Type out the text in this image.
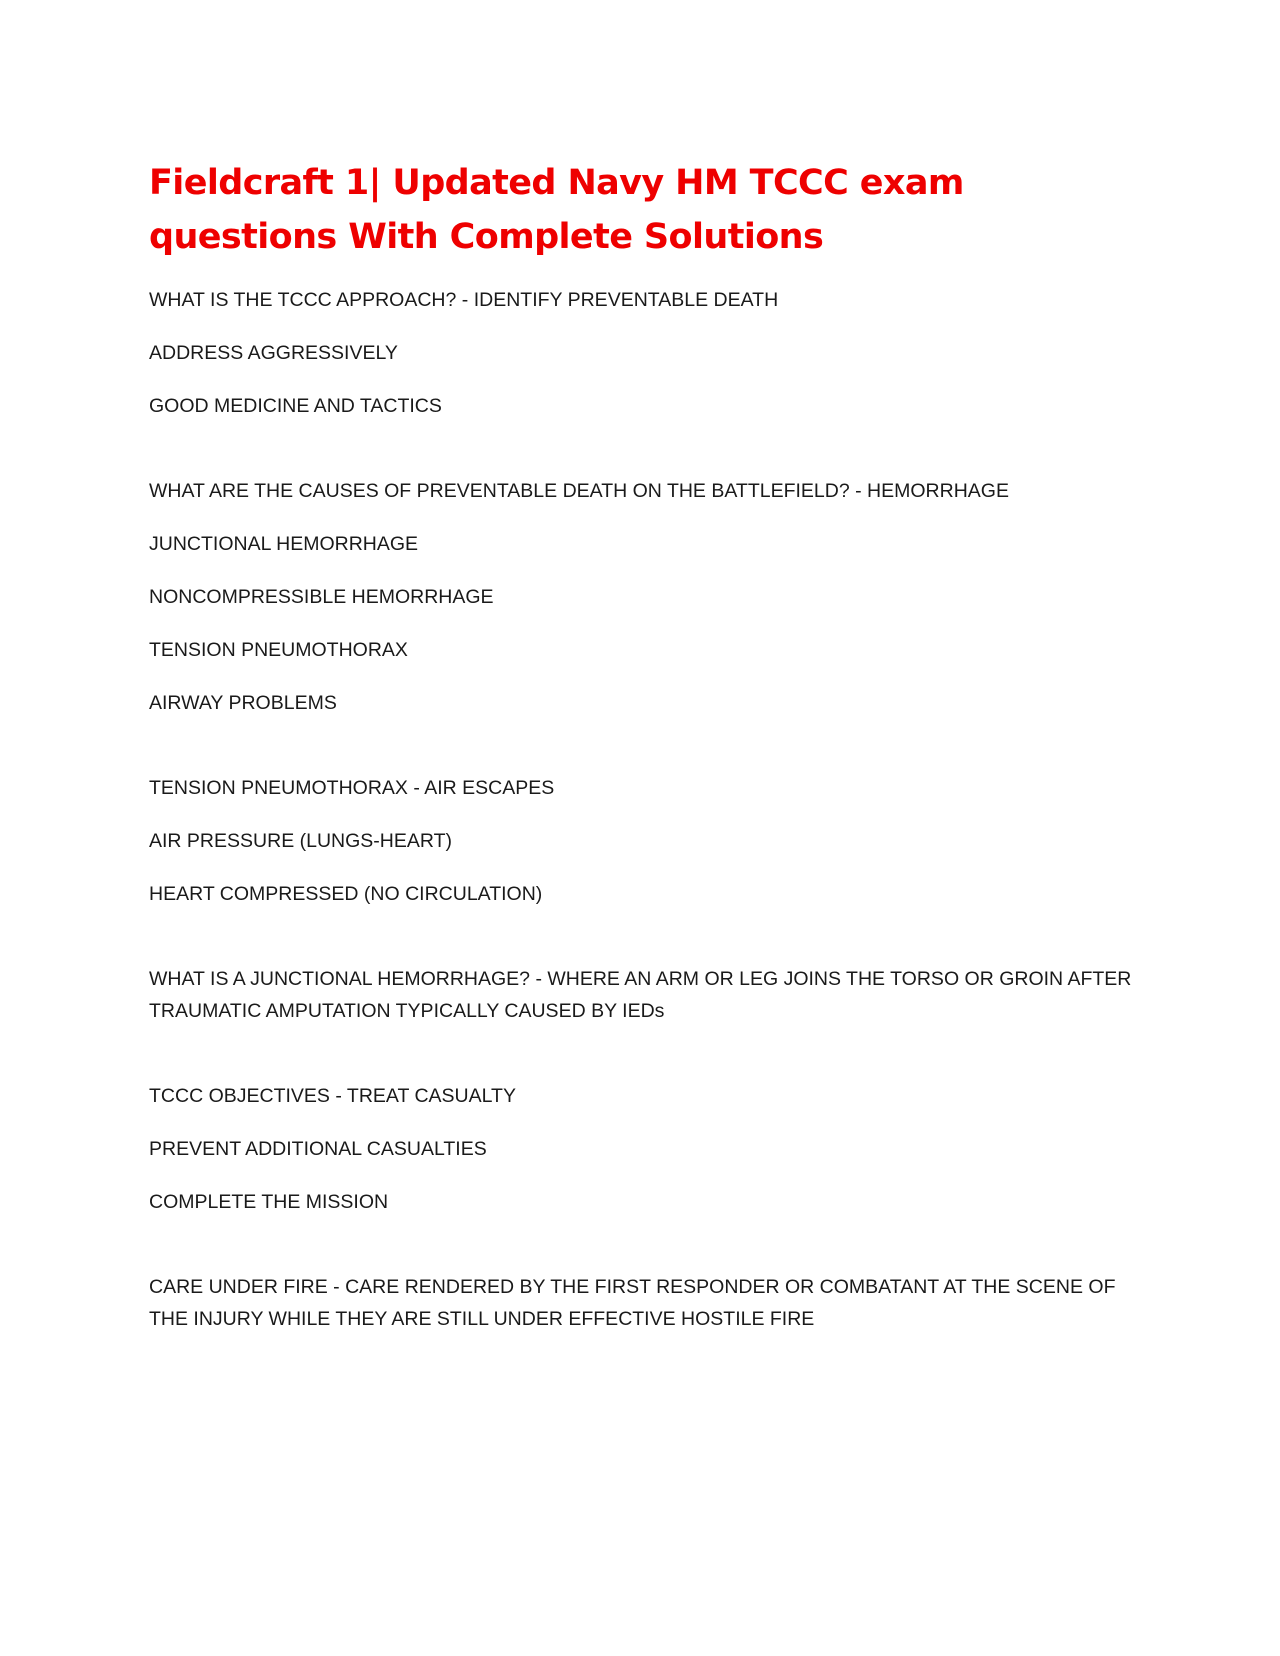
Fieldcraft 1| Updated Navy HM TCCC exam questions With Complete Solutions

WHAT IS THE TCCC APPROACH? - IDENTIFY PREVENTABLE DEATH

ADDRESS AGGRESSIVELY

GOOD MEDICINE AND TACTICS

WHAT ARE THE CAUSES OF PREVENTABLE DEATH ON THE BATTLEFIELD? - HEMORRHAGE

JUNCTIONAL HEMORRHAGE

NONCOMPRESSIBLE HEMORRHAGE

TENSION PNEUMOTHORAX

AIRWAY PROBLEMS

TENSION PNEUMOTHORAX - AIR ESCAPES

AIR PRESSURE (LUNGS-HEART)

HEART COMPRESSED (NO CIRCULATION)

WHAT IS A JUNCTIONAL HEMORRHAGE? - WHERE AN ARM OR LEG JOINS THE TORSO OR GROIN AFTER TRAUMATIC AMPUTATION TYPICALLY CAUSED BY IEDs

TCCC OBJECTIVES - TREAT CASUALTY

PREVENT ADDITIONAL CASUALTIES

COMPLETE THE MISSION

CARE UNDER FIRE - CARE RENDERED BY THE FIRST RESPONDER OR COMBATANT AT THE SCENE OF THE INJURY WHILE THEY ARE STILL UNDER EFFECTIVE HOSTILE FIRE
